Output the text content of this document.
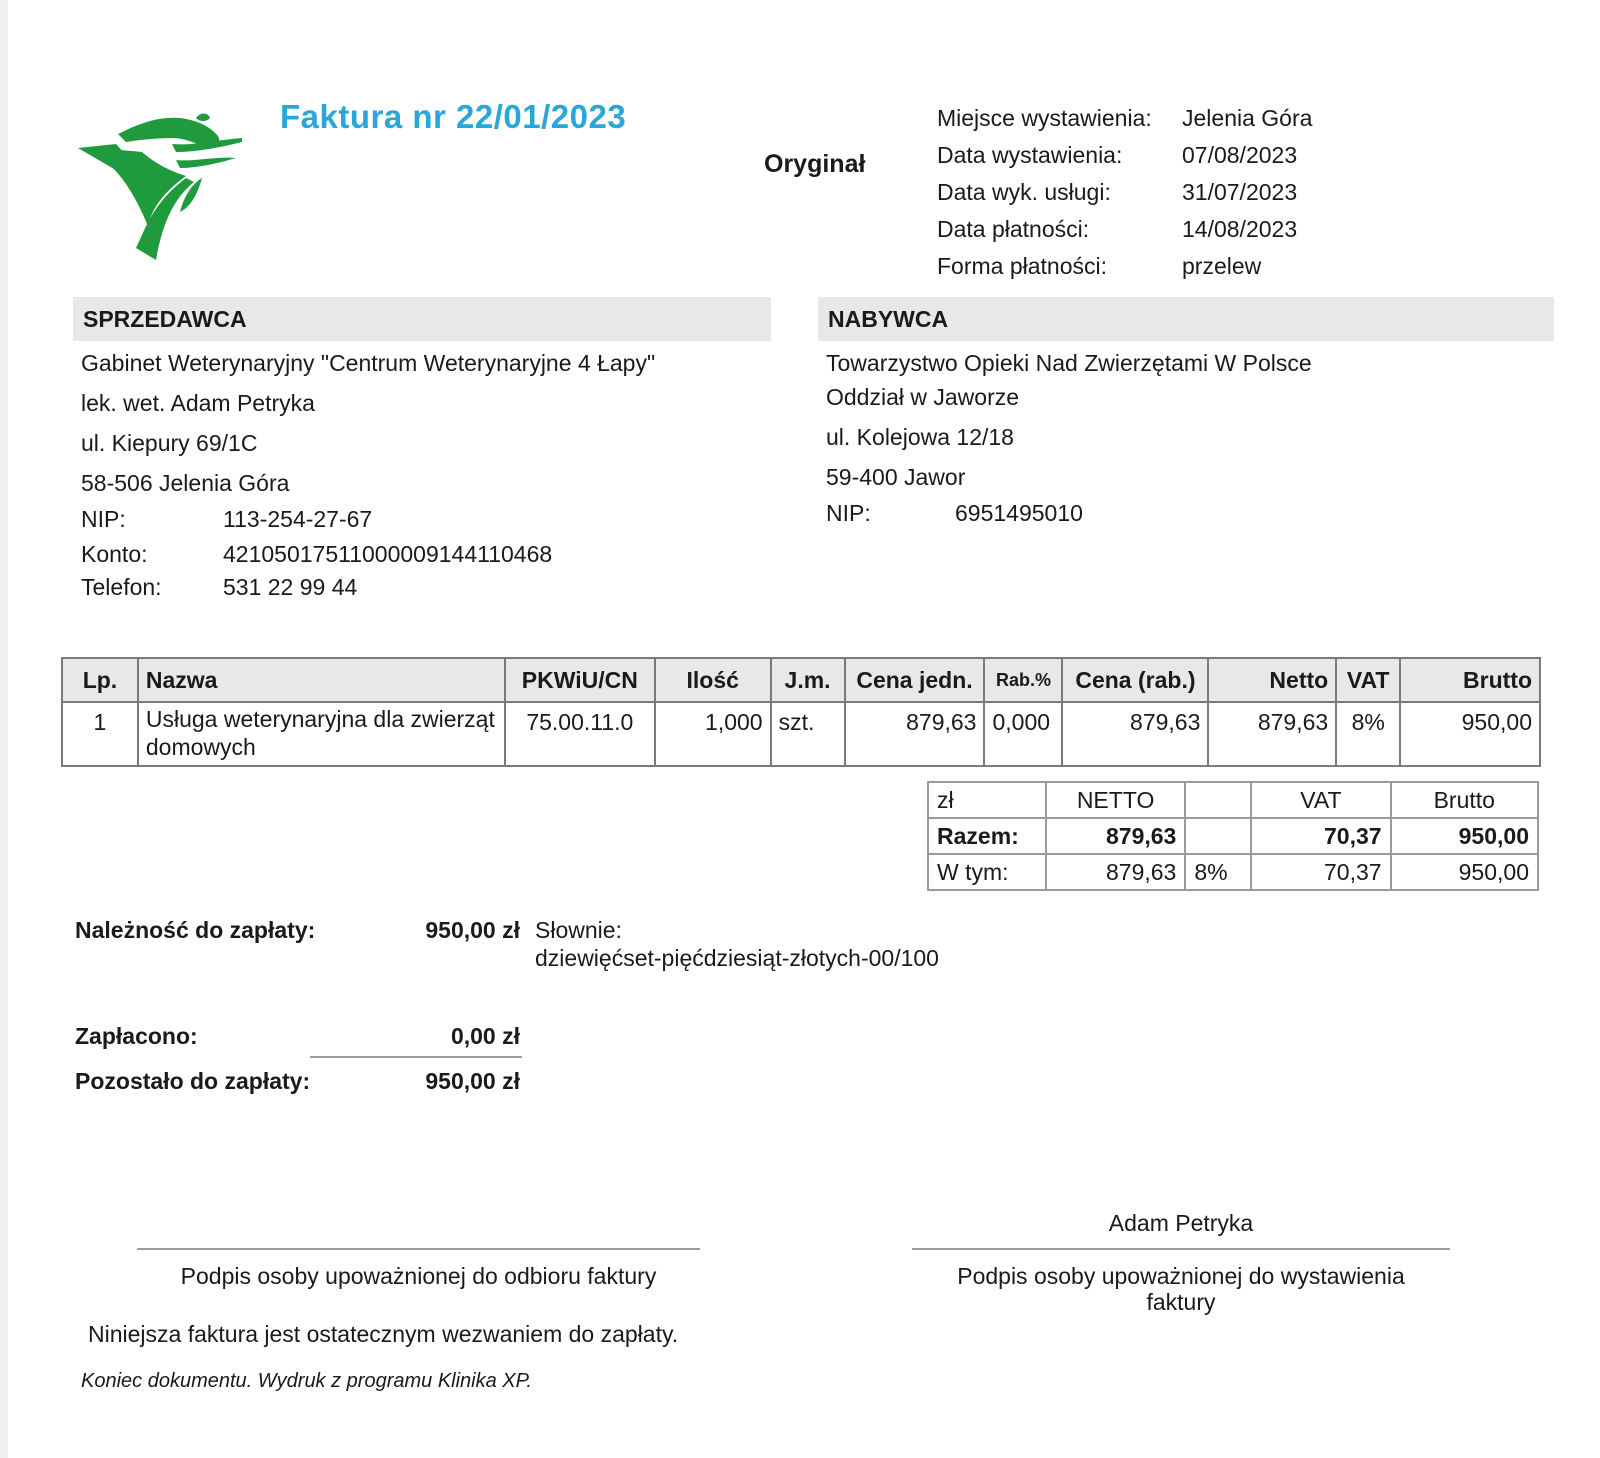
Faktura nr 22/01/2023
Oryginał
Miejsce wystawienia:	Jelenia Góra
Data wystawienia:	07/08/2023
Data wyk. usługi:	31/07/2023
Data płatności:	14/08/2023
Forma płatności:	przelew
SPRZEDAWCA
Gabinet Weterynaryjny "Centrum Weterynaryjne 4 Łapy"
lek. wet. Adam Petryka
ul. Kiepury 69/1C
58-506 Jelenia Góra
NIP:	113-254-27-67
Konto:	42105017511000009144110468
Telefon:	531 22 99 44
NABYWCA
Towarzystwo Opieki Nad Zwierzętami W Polsce
Oddział w Jaworze
ul. Kolejowa 12/18
59-400 Jawor
NIP:	6951495010
Lp.	Nazwa	PKWiU/CN	Ilość	J.m.	Cena jedn.	Rab.%	Cena (rab.)	Netto	VAT	Brutto
1	Usługa weterynaryjna dla zwierząt domowych	75.00.11.0	1,000	szt.	879,63	0,000	879,63	879,63	8%	950,00
zł	NETTO		VAT	Brutto
Razem:	879,63		70,37	950,00
W tym:	879,63	8%	70,37	950,00
Należność do zapłaty:	950,00 zł Słownie:
dziewięćset-pięćdziesiąt-złotych-00/100
Zapłacono:	0,00 zł
Pozostało do zapłaty:	950,00 zł
Adam Petryka
Podpis osoby upoważnionej do odbioru faktury	Podpis osoby upoważnionej do wystawienia faktury
Niniejsza faktura jest ostatecznym wezwaniem do zapłaty.
Koniec dokumentu. Wydruk z programu Klinika XP.
